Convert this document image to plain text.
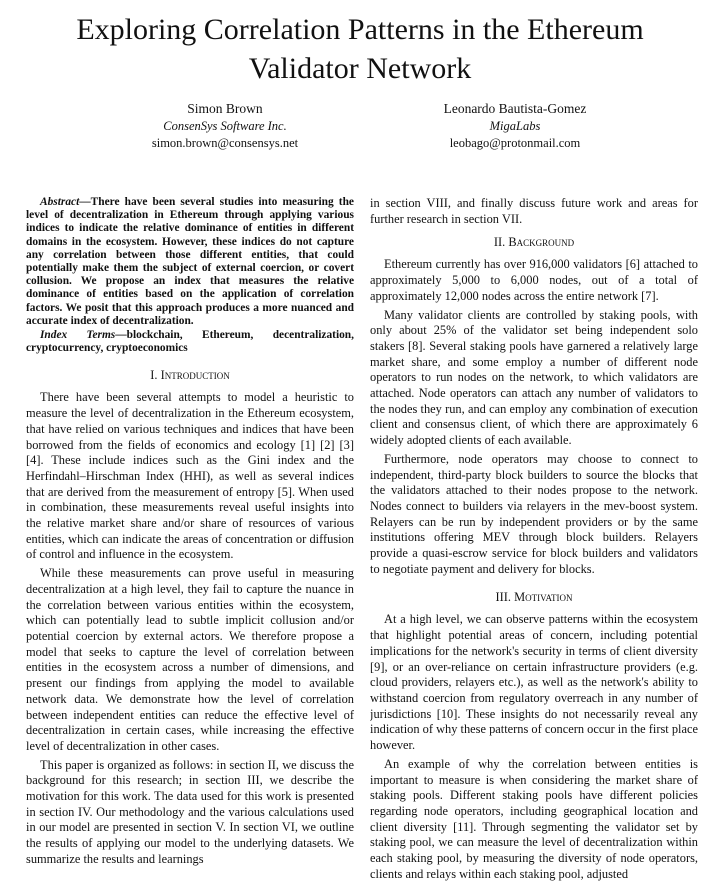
Exploring Correlation Patterns in the Ethereum Validator Network
Simon Brown
ConsenSys Software Inc.
simon.brown@consensys.net
Leonardo Bautista-Gomez
MigaLabs
leobago@protonmail.com

Abstract—There have been several studies into measuring the level of decentralization in Ethereum through applying various indices to indicate the relative dominance of entities in different domains in the ecosystem. However, these indices do not capture any correlation between those different entities, that could potentially make them the subject of external coercion, or covert collusion. We propose an index that measures the relative dominance of entities based on the application of correlation factors. We posit that this approach produces a more nuanced and accurate index of decentralization.

Index Terms—blockchain, Ethereum, decentralization, cryptocurrency, cryptoeconomics

I. Introduction

There have been several attempts to model a heuristic to measure the level of decentralization in the Ethereum ecosystem, that have relied on various techniques and indices that have been borrowed from the fields of economics and ecology [1] [2] [3] [4]. These include indices such as the Gini index and the Herfindahl–Hirschman Index (HHI), as well as several indices that are derived from the measurement of entropy [5]. When used in combination, these measurements reveal useful insights into the relative market share and/or share of resources of various entities, which can indicate the areas of concentration or diffusion of control and influence in the ecosystem.

While these measurements can prove useful in measuring decentralization at a high level, they fail to capture the nuance in the correlation between various entities within the ecosystem, which can potentially lead to subtle implicit collusion and/or potential coercion by external actors. We therefore propose a model that seeks to capture the level of correlation between entities in the ecosystem across a number of dimensions, and present our findings from applying the model to available network data. We demonstrate how the level of correlation between independent entities can reduce the effective level of decentralization in certain cases, while increasing the effective level of decentralization in other cases.

This paper is organized as follows: in section II, we discuss the background for this research; in section III, we describe the motivation for this work. The data used for this work is presented in section IV. Our methodology and the various calculations used in our model are presented in section V. In section VI, we outline the results of applying our model to the underlying datasets. We summarize the results and learnings

in section VIII, and finally discuss future work and areas for further research in section VII.

II. Background

Ethereum currently has over 916,000 validators [6] attached to approximately 5,000 to 6,000 nodes, out of a total of approximately 12,000 nodes across the entire network [7].

Many validator clients are controlled by staking pools, with only about 25% of the validator set being independent solo stakers [8]. Several staking pools have garnered a relatively large market share, and some employ a number of different node operators to run nodes on the network, to which validators are attached. Node operators can attach any number of validators to the nodes they run, and can employ any combination of execution client and consensus client, of which there are approximately 6 widely adopted clients of each available.

Furthermore, node operators may choose to connect to independent, third-party block builders to source the blocks that the validators attached to their nodes propose to the network. Nodes connect to builders via relayers in the mev-boost system. Relayers can be run by independent providers or by the same institutions offering MEV through block builders. Relayers provide a quasi-escrow service for block builders and validators to negotiate payment and delivery for blocks.

III. Motivation

At a high level, we can observe patterns within the ecosystem that highlight potential areas of concern, including potential implications for the network's security in terms of client diversity [9], or an over-reliance on certain infrastructure providers (e.g. cloud providers, relayers etc.), as well as the network's ability to withstand coercion from regulatory overreach in any number of jurisdictions [10]. These insights do not necessarily reveal any indication of why these patterns of concern occur in the first place however.

An example of why the correlation between entities is important to measure is when considering the market share of staking pools. Different staking pools have different policies regarding node operators, including geographical location and client diversity [11]. Through segmenting the validator set by staking pool, we can measure the level of decentralization within each staking pool, by measuring the diversity of node operators, clients and relays within each staking pool, adjusted
